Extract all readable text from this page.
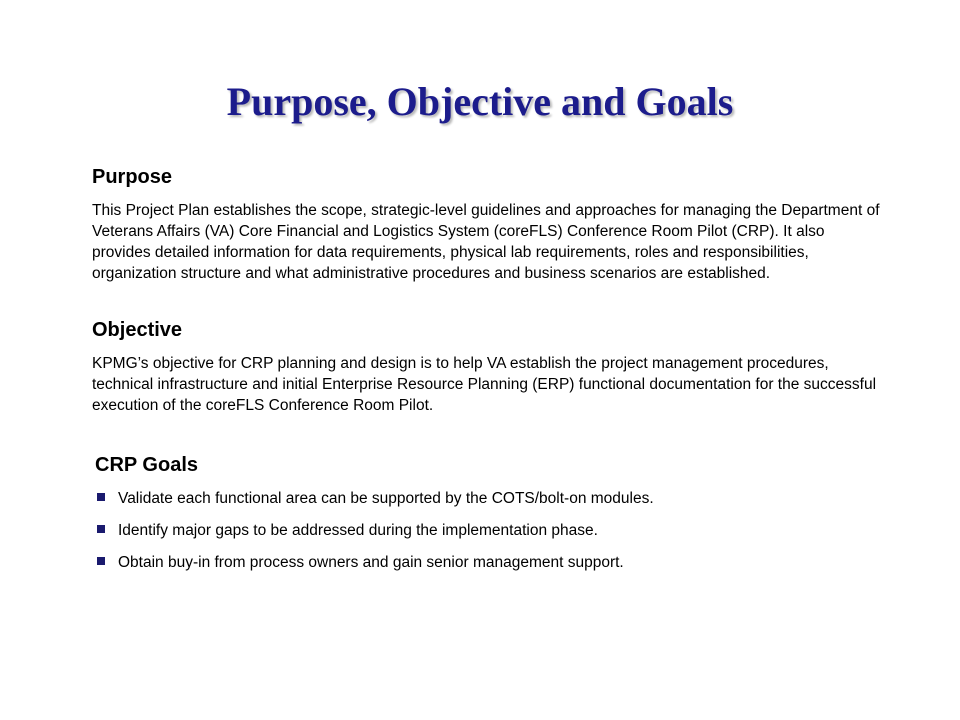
Purpose, Objective and Goals
Purpose

This Project Plan establishes the scope, strategic-level guidelines and approaches for managing the Department of Veterans Affairs (VA) Core Financial and Logistics System (coreFLS) Conference Room Pilot (CRP). It also provides detailed information for data requirements, physical lab requirements, roles and responsibilities, organization structure and what administrative procedures and business scenarios are established.

Objective

KPMG’s objective for CRP planning and design is to help VA establish the project management procedures, technical infrastructure and initial Enterprise Resource Planning (ERP) functional documentation for the successful execution of the coreFLS Conference Room Pilot.

CRP Goals
Validate each functional area can be supported by the COTS/bolt-on modules.
Identify major gaps to be addressed during the implementation phase.
Obtain buy-in from process owners and gain senior management support.
